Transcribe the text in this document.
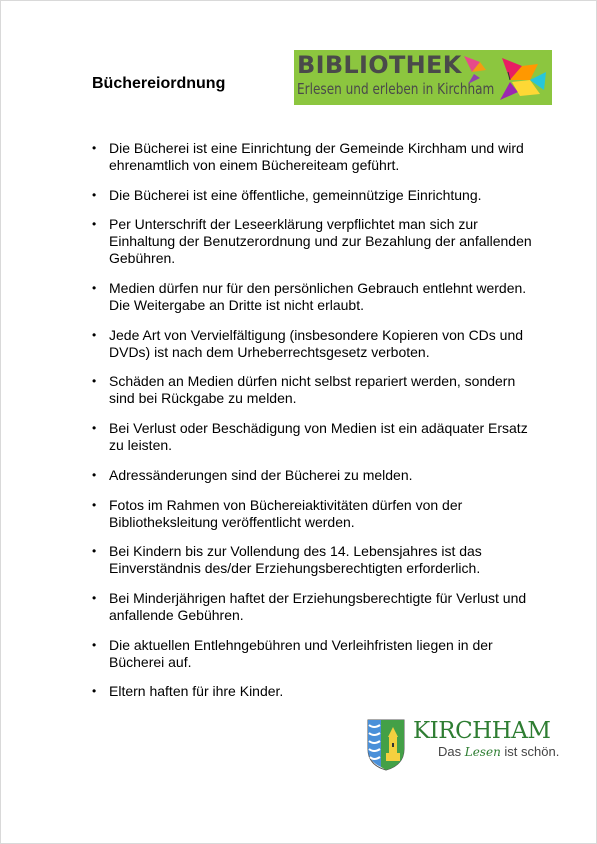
Büchereiordnung
BIBLIOTHEK
Erlesen und erleben in Kirchham
• Die Bücherei ist eine Einrichtung der Gemeinde Kirchham und wird ehrenamtlich von einem Büchereiteam geführt.
• Die Bücherei ist eine öffentliche, gemeinnützige Einrichtung.
• Per Unterschrift der Leseerklärung verpflichtet man sich zur Einhaltung der Benutzerordnung und zur Bezahlung der anfallenden Gebühren.
• Medien dürfen nur für den persönlichen Gebrauch entlehnt werden. Die Weitergabe an Dritte ist nicht erlaubt.
• Jede Art von Vervielfältigung (insbesondere Kopieren von CDs und DVDs) ist nach dem Urheberrechtsgesetz verboten.
• Schäden an Medien dürfen nicht selbst repariert werden, sondern sind bei Rückgabe zu melden.
• Bei Verlust oder Beschädigung von Medien ist ein adäquater Ersatz zu leisten.
• Adressänderungen sind der Bücherei zu melden.
• Fotos im Rahmen von Büchereiaktivitäten dürfen von der Bibliotheksleitung veröffentlicht werden.
• Bei Kindern bis zur Vollendung des 14. Lebensjahres ist das Einverständnis des/der Erziehungsberechtigten erforderlich.
• Bei Minderjährigen haftet der Erziehungsberechtigte für Verlust und anfallende Gebühren.
• Die aktuellen Entlehngebühren und Verleihfristen liegen in der Bücherei auf.
• Eltern haften für ihre Kinder.
KIRCHHAM
Das Lesen ist schön.
